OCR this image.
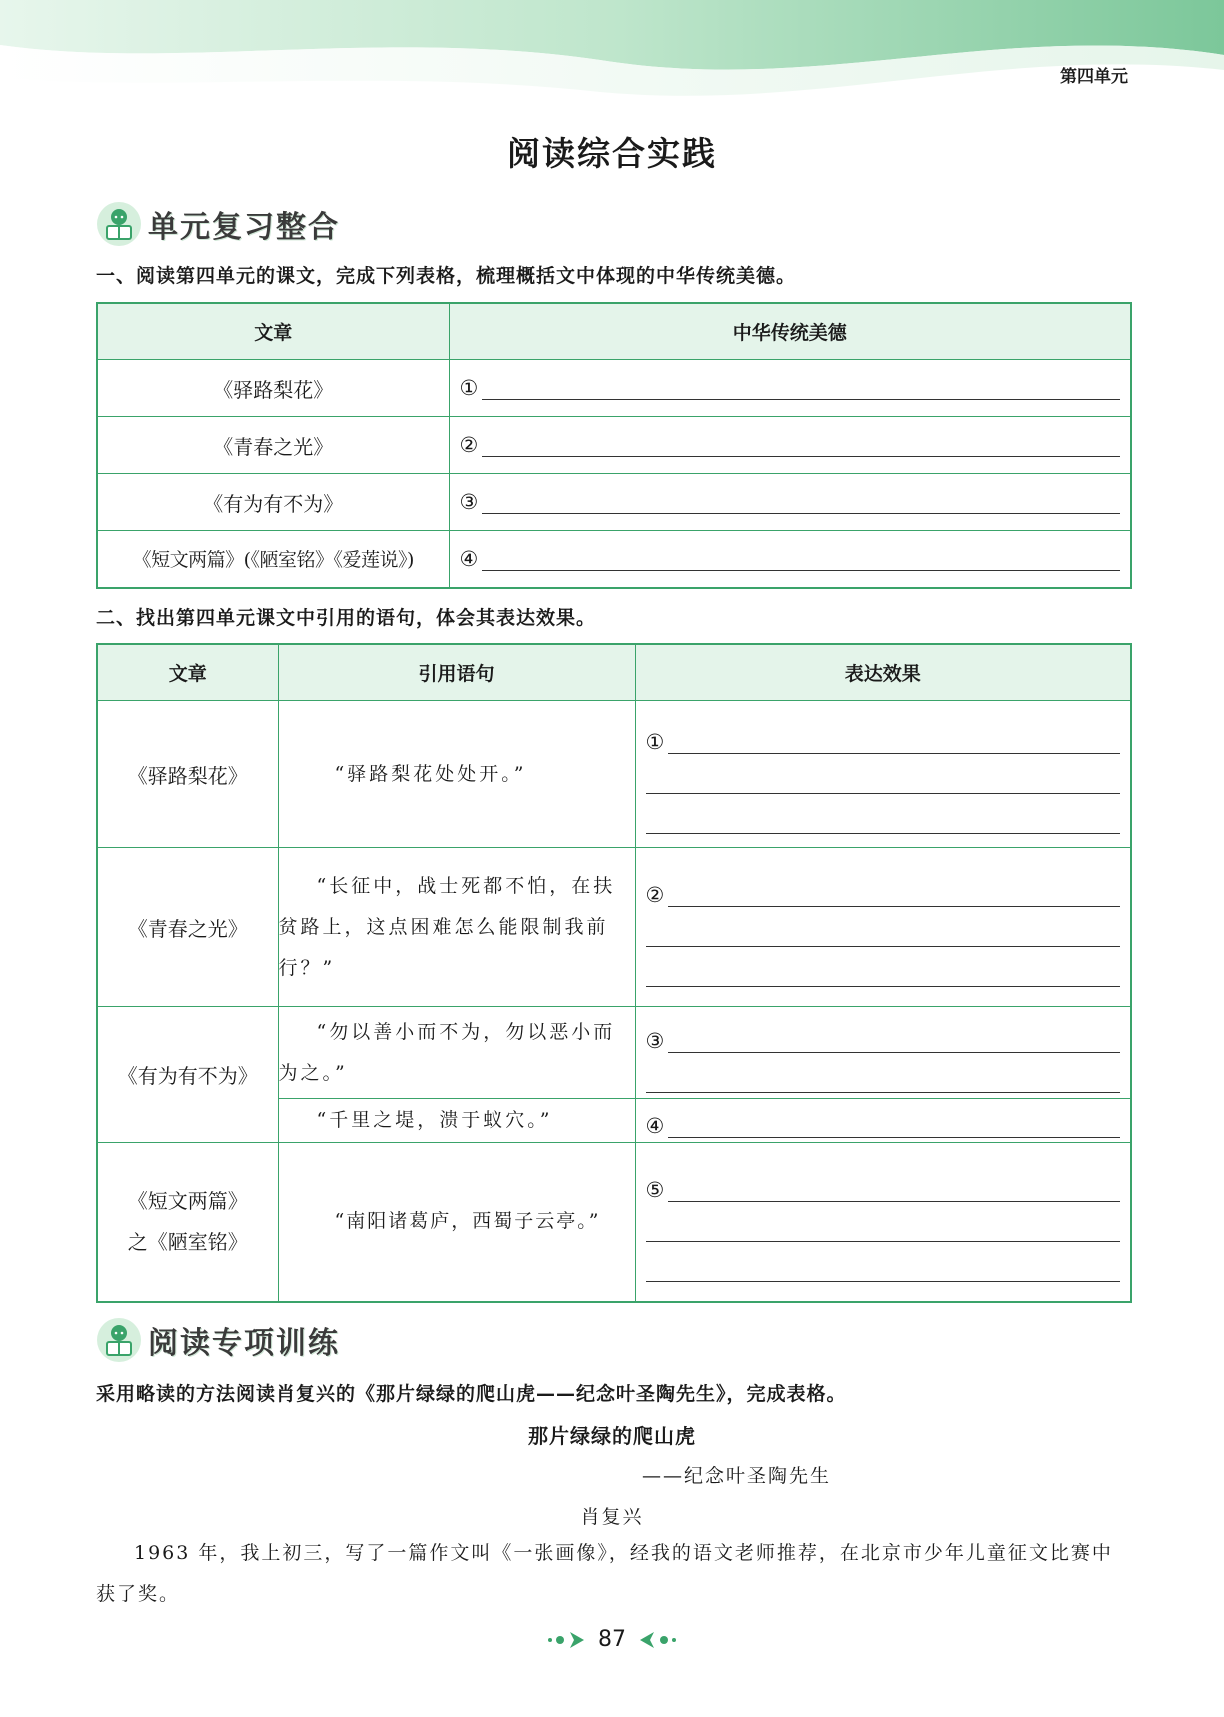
第四单元
阅读综合实践
单元复习整合
一、阅读第四单元的课文，完成下列表格，梳理概括文中体现的中华传统美德。
文章	中华传统美德
《驿路梨花》	①

《青春之光》	②

《有为有不为》	③

《短文两篇》(《陋室铭》《爱莲说》)	④
二、找出第四单元课文中引用的语句，体会其表达效果。
文章	引用语句	表达效果
《驿路梨花》	“驿路梨花处处开。”	①

《青春之光》	“长征中，战士死都不怕，在扶贫路上，这点困难怎么能限制我前行？”	②

《有为有不为》	“勿以善小而不为，勿以恶小而为之。”	③

	“千里之堤，溃于蚁穴。”	④

《短文两篇》
之《陋室铭》	“南阳诸葛庐，西蜀子云亭。”	⑤
阅读专项训练
采用略读的方法阅读肖复兴的《那片绿绿的爬山虎——纪念叶圣陶先生》，完成表格。
那片绿绿的爬山虎
——纪念叶圣陶先生
肖复兴
1963 年，我上初三，写了一篇作文叫《一张画像》，经我的语文老师推荐，在北京市少年儿童征文比赛中获了奖。
87
